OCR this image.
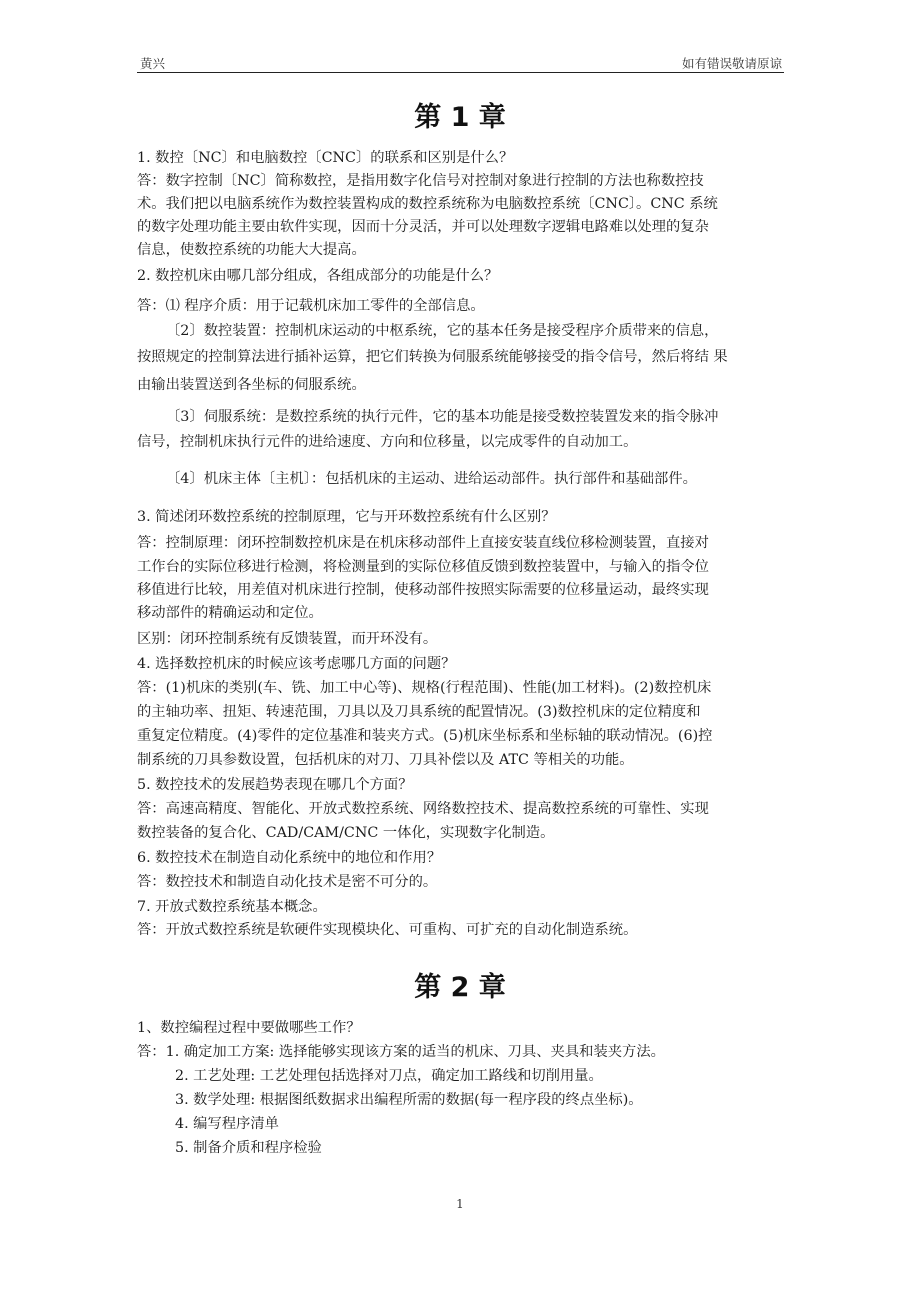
黄兴	如有错误敬请原谅
第 1 章
1. 数控〔NC〕和电脑数控〔CNC〕的联系和区别是什么？
答：数字控制〔NC〕简称数控，是指用数字化信号对控制对象进行控制的方法也称数控技
术。我们把以电脑系统作为数控装置构成的数控系统称为电脑数控系统〔CNC〕。CNC 系统
的数字处理功能主要由软件实现，因而十分灵活，并可以处理数字逻辑电路难以处理的复杂
信息，使数控系统的功能大大提高。
2. 数控机床由哪几部分组成，各组成部分的功能是什么？
答：⑴ 程序介质：用于记载机床加工零件的全部信息。
〔2〕数控装置：控制机床运动的中枢系统，它的基本任务是接受程序介质带来的信息，
按照规定的控制算法进行插补运算，把它们转换为伺服系统能够接受的指令信号，然后将结 果
由输出装置送到各坐标的伺服系统。
〔3〕伺服系统：是数控系统的执行元件，它的基本功能是接受数控装置发来的指令脉冲
信号，控制机床执行元件的进给速度、方向和位移量，以完成零件的自动加工。
〔4〕机床主体〔主机〕：包括机床的主运动、进给运动部件。执行部件和基础部件。
3. 简述闭环数控系统的控制原理，它与开环数控系统有什么区别？
答：控制原理：闭环控制数控机床是在机床移动部件上直接安装直线位移检测装置，直接对
工作台的实际位移进行检测，将检测量到的实际位移值反馈到数控装置中，与输入的指令位
移值进行比较，用差值对机床进行控制，使移动部件按照实际需要的位移量运动，最终实现
移动部件的精确运动和定位。
区别：闭环控制系统有反馈装置，而开环没有。
4. 选择数控机床的时候应该考虑哪几方面的问题？
答：(1)机床的类别(车、铣、加工中心等)、规格(行程范围)、性能(加工材料)。(2)数控机床
的主轴功率、扭矩、转速范围，刀具以及刀具系统的配置情况。(3)数控机床的定位精度和
重复定位精度。(4)零件的定位基准和装夹方式。(5)机床坐标系和坐标轴的联动情况。(6)控
制系统的刀具参数设置，包括机床的对刀、刀具补偿以及 ATC 等相关的功能。
5. 数控技术的发展趋势表现在哪几个方面？
答：高速高精度、智能化、开放式数控系统、网络数控技术、提高数控系统的可靠性、实现
数控装备的复合化、CAD/CAM/CNC 一体化，实现数字化制造。
6. 数控技术在制造自动化系统中的地位和作用？
答：数控技术和制造自动化技术是密不可分的。
7. 开放式数控系统基本概念。
答：开放式数控系统是软硬件实现模块化、可重构、可扩充的自动化制造系统。
第 2 章
1、数控编程过程中要做哪些工作？
答：1. 确定加工方案: 选择能够实现该方案的适当的机床、刀具、夹具和装夹方法。
2. 工艺处理: 工艺处理包括选择对刀点，确定加工路线和切削用量。
3. 数学处理: 根据图纸数据求出编程所需的数据(每一程序段的终点坐标)。
4. 编写程序清单
5. 制备介质和程序检验
1
